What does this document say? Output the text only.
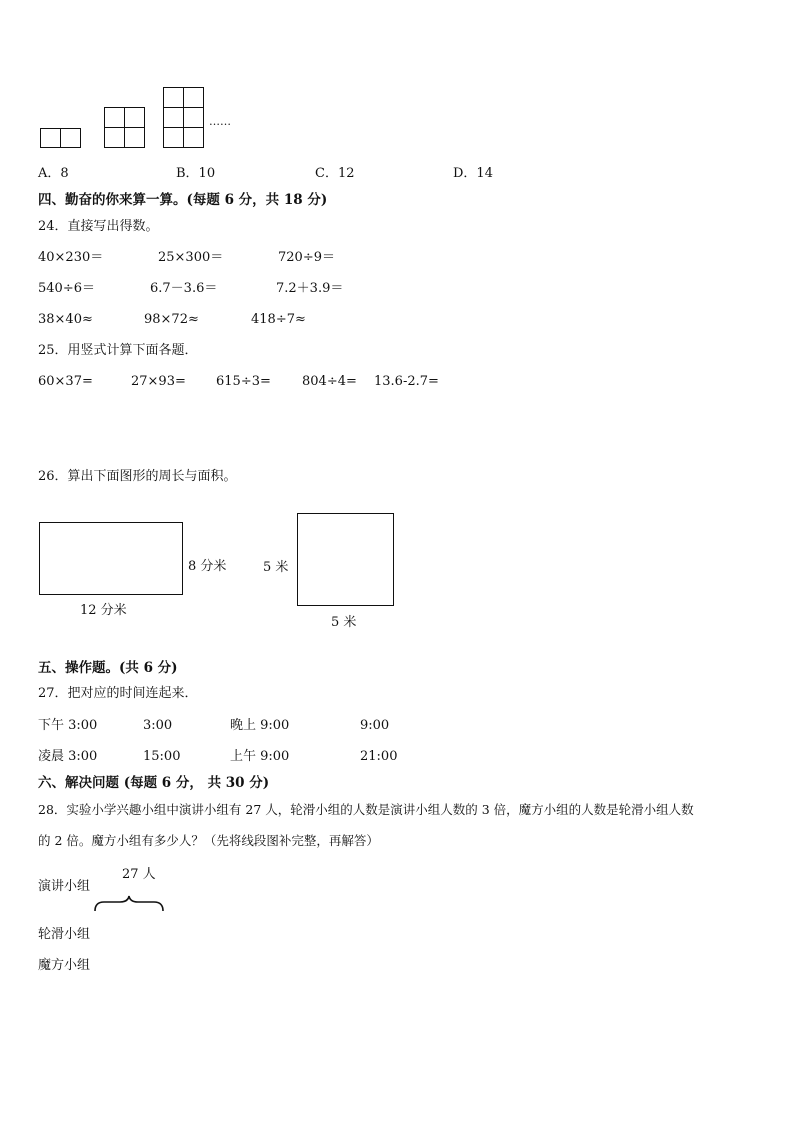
……
A．8	B．10	C．12	D．14
四、勤奋的你来算一算。(每题 6 分，共 18 分)
24．直接写出得数。
40×230＝	25×300＝	720÷9＝
540÷6＝	6.7－3.6＝	7.2＋3.9＝
38×40≈	98×72≈	418÷7≈
25．用竖式计算下面各题．
60×37=	27×93= 615÷3= 804÷4= 13.6-2.7=
26．算出下面图形的周长与面积。
8 分米
12 分米
5 米
5 米
五、操作题。(共 6 分)
27．把对应的时间连起来．
下午 3:00	3:00	晚上 9:00	9:00
凌晨 3:00	15:00	上午 9:00	21:00
六、解决问题 (每题 6 分， 共 30 分)
28．实验小学兴趣小组中演讲小组有 27 人，轮滑小组的人数是演讲小组人数的 3 倍，魔方小组的人数是轮滑小组人数
的 2 倍。魔方小组有多少人？（先将线段图补完整，再解答）
27 人
演讲小组
轮滑小组
魔方小组
